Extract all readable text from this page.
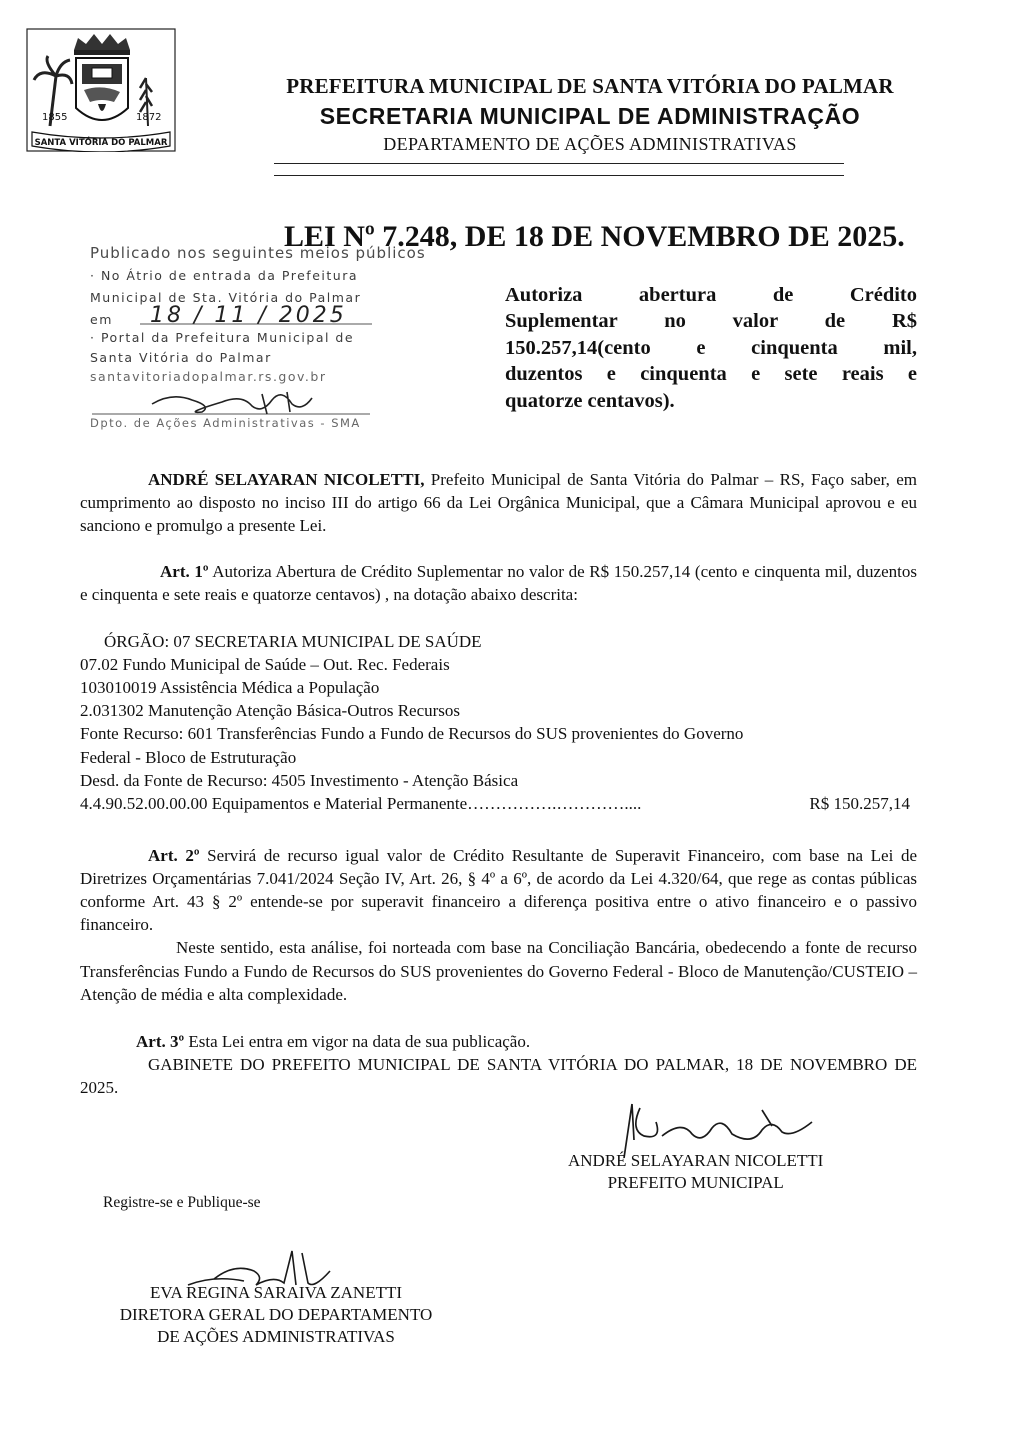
1855	1872
SANTA VITÓRIA DO PALMAR
PREFEITURA MUNICIPAL DE SANTA VITÓRIA DO PALMAR
SECRETARIA MUNICIPAL DE ADMINISTRAÇÃO
DEPARTAMENTO DE AÇÕES ADMINISTRATIVAS
LEI Nº 7.248, DE 18 DE NOVEMBRO DE 2025.
Publicado nos seguintes meios públicos
· No Átrio de entrada da Prefeitura
Municipal de Sta. Vitória do Palmar
em 18 / 11 / 2025
· Portal da Prefeitura Municipal de
Santa Vitória do Palmar
santavitoriadopalmar.rs.gov.br
Dpto. de Ações Administrativas - SMA
Autoriza abertura de Crédito
Suplementar no valor de R$
150.257,14(cento e cinquenta mil,
duzentos e cinquenta e sete reais e
quatorze centavos).
ANDRÉ SELAYARAN NICOLETTI, Prefeito Municipal de Santa Vitória do Palmar – RS, Faço saber, em cumprimento ao disposto no inciso III do artigo 66 da Lei Orgânica Municipal, que a Câmara Municipal aprovou e eu sanciono e promulgo a presente Lei.
Art. 1º Autoriza Abertura de Crédito Suplementar no valor de R$ 150.257,14 (cento e cinquenta mil, duzentos e cinquenta e sete reais e quatorze centavos) , na dotação abaixo descrita:
ÓRGÃO: 07 SECRETARIA MUNICIPAL DE SAÚDE
07.02 Fundo Municipal de Saúde – Out. Rec. Federais
103010019 Assistência Médica a População
2.031302 Manutenção Atenção Básica-Outros Recursos
Fonte Recurso: 601 Transferências Fundo a Fundo de Recursos do SUS provenientes do Governo
Federal - Bloco de Estruturação
Desd. da Fonte de Recurso: 4505 Investimento - Atenção Básica
4.4.90.52.00.00.00 Equipamentos e Material Permanente …………….…………....	R$ 150.257,14
Art. 2º Servirá de recurso igual valor de Crédito Resultante de Superavit Financeiro, com base na Lei de Diretrizes Orçamentárias 7.041/2024 Seção IV, Art. 26, § 4º a 6º, de acordo da Lei 4.320/64, que rege as contas públicas conforme Art. 43 § 2º entende-se por superavit financeiro a diferença positiva entre o ativo financeiro e o passivo financeiro.
Neste sentido, esta análise, foi norteada com base na Conciliação Bancária, obedecendo a fonte de recurso Transferências Fundo a Fundo de Recursos do SUS provenientes do Governo Federal - Bloco de Manutenção/CUSTEIO – Atenção de média e alta complexidade.
Art. 3º Esta Lei entra em vigor na data de sua publicação.
GABINETE DO PREFEITO MUNICIPAL DE SANTA VITÓRIA DO PALMAR, 18 DE NOVEMBRO DE 2025.
ANDRÉ SELAYARAN NICOLETTI
PREFEITO MUNICIPAL
Registre-se e Publique-se
EVA REGINA SARAIVA ZANETTI
DIRETORA GERAL DO DEPARTAMENTO
DE AÇÕES ADMINISTRATIVAS
